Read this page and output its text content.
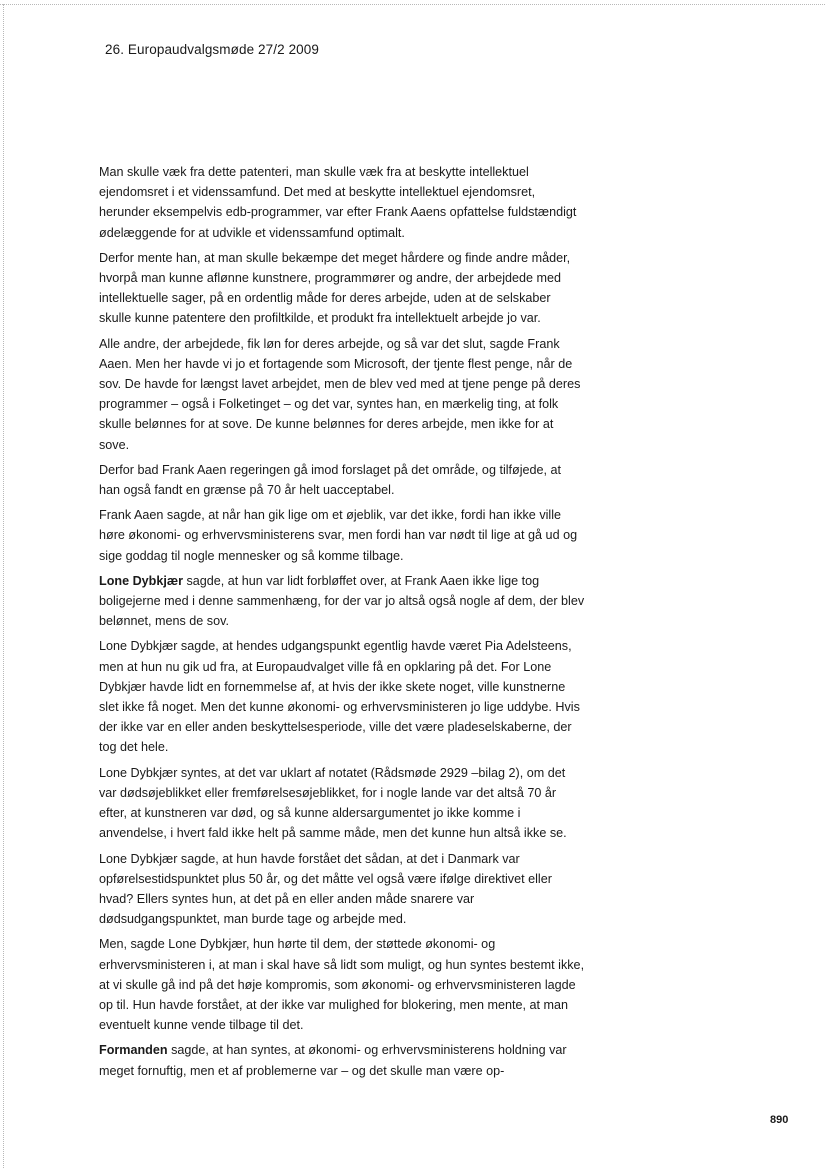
26. Europaudvalgsmøde 27/2 2009

Man skulle væk fra dette patenteri, man skulle væk fra at beskytte intellektuel ejendomsret i et videnssamfund. Det med at beskytte intellektuel ejendomsret, herunder eksempelvis edb-programmer, var efter Frank Aaens opfattelse fuldstændigt ødelæggende for at udvikle et videnssamfund optimalt.

Derfor mente han, at man skulle bekæmpe det meget hårdere og finde andre måder, hvorpå man kunne aflønne kunstnere, programmører og andre, der arbejdede med intellektuelle sager, på en ordentlig måde for deres arbejde, uden at de selskaber skulle kunne patentere den profiltkilde, et produkt fra intellektuelt arbejde jo var.

Alle andre, der arbejdede, fik løn for deres arbejde, og så var det slut, sagde Frank Aaen. Men her havde vi jo et fortagende som Microsoft, der tjente flest penge, når de sov. De havde for længst lavet arbejdet, men de blev ved med at tjene penge på deres programmer – også i Folketinget – og det var, syntes han, en mærkelig ting, at folk skulle belønnes for at sove. De kunne belønnes for deres arbejde, men ikke for at sove.

Derfor bad Frank Aaen regeringen gå imod forslaget på det område, og tilføjede, at han også fandt en grænse på 70 år helt uacceptabel.

Frank Aaen sagde, at når han gik lige om et øjeblik, var det ikke, fordi han ikke ville høre økonomi- og erhvervsministerens svar, men fordi han var nødt til lige at gå ud og sige goddag til nogle mennesker og så komme tilbage.

Lone Dybkjær sagde, at hun var lidt forbløffet over, at Frank Aaen ikke lige tog boligejerne med i denne sammenhæng, for der var jo altså også nogle af dem, der blev belønnet, mens de sov.

Lone Dybkjær sagde, at hendes udgangspunkt egentlig havde været Pia Adelsteens, men at hun nu gik ud fra, at Europaudvalget ville få en opklaring på det. For Lone Dybkjær havde lidt en fornemmelse af, at hvis der ikke skete noget, ville kunstnerne slet ikke få noget. Men det kunne økonomi- og erhvervsministeren jo lige uddybe. Hvis der ikke var en eller anden beskyttelsesperiode, ville det være pladeselskaberne, der tog det hele.

Lone Dybkjær syntes, at det var uklart af notatet (Rådsmøde 2929 –bilag 2), om det var dødsøjeblikket eller fremførelsesøjeblikket, for i nogle lande var det altså 70 år efter, at kunstneren var død, og så kunne aldersargumentet jo ikke komme i anvendelse, i hvert fald ikke helt på samme måde, men det kunne hun altså ikke se.

Lone Dybkjær sagde, at hun havde forstået det sådan, at det i Danmark var opførelsestidspunktet plus 50 år, og det måtte vel også være ifølge direktivet eller hvad? Ellers syntes hun, at det på en eller anden måde snarere var dødsudgangspunktet, man burde tage og arbejde med.

Men, sagde Lone Dybkjær, hun hørte til dem, der støttede økonomi- og erhvervsministeren i, at man i skal have så lidt som muligt, og hun syntes bestemt ikke, at vi skulle gå ind på det høje kompromis, som økonomi- og erhvervsministeren lagde op til. Hun havde forstået, at der ikke var mulighed for blokering, men mente, at man eventuelt kunne vende tilbage til det.

Formanden sagde, at han syntes, at økonomi- og erhvervsministerens holdning var meget fornuftig, men et af problemerne var – og det skulle man være op-

890
